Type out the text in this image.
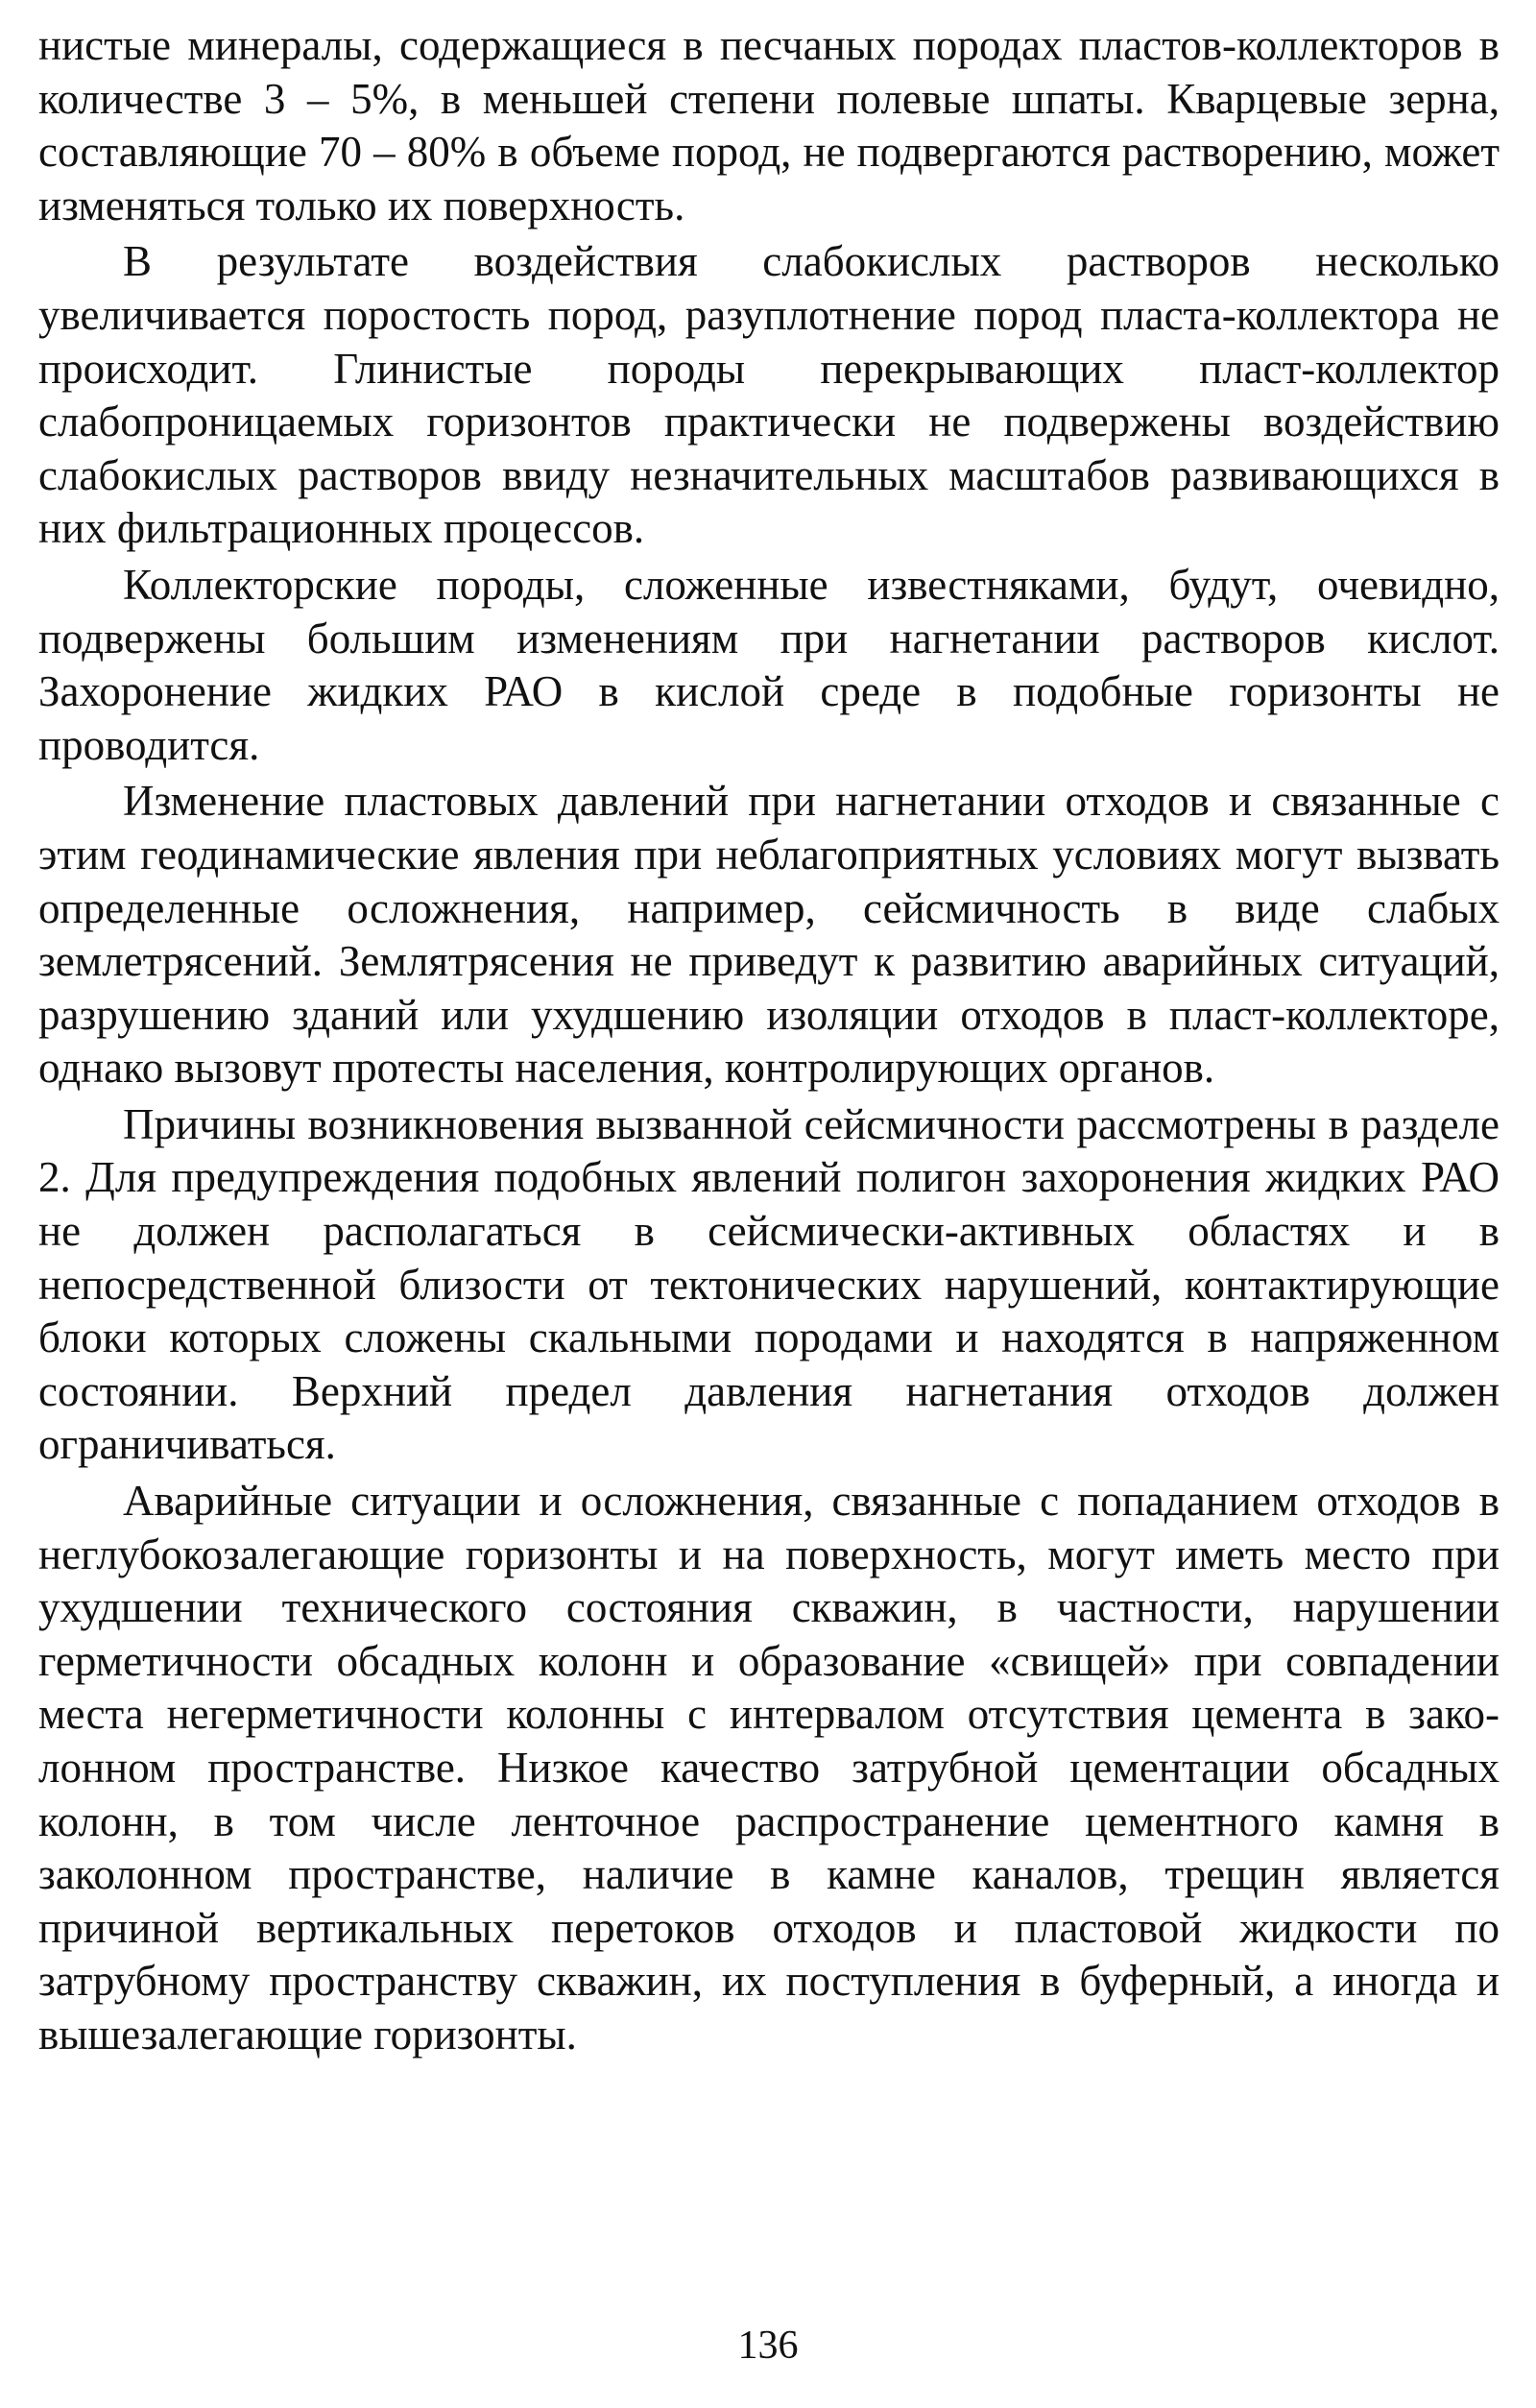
нистые минералы, содержащиеся в песчаных породах пластов-коллекторов в количестве 3 – 5%, в меньшей степени полевые шпаты. Кварцевые зерна, составляющие 70 – 80% в объеме пород, не подвергаются растворению, может изменяться только их поверхность.

В результате воздействия слабокислых растворов несколько увеличивается поростость пород, разуплотнение пород пласта-коллектора не происходит. Глинистые породы перекрывающих пласт-коллектор слабопроницаемых горизонтов практически не подвержены воздействию слабокислых растворов ввиду незначительных масштабов развивающихся в них фильтрационных процессов.

Коллекторские породы, сложенные известняками, будут, очевидно, подвержены большим изменениям при нагнетании растворов кислот. Захоронение жидких РАО в кислой среде в подобные горизонты не проводится.

Изменение пластовых давлений при нагнетании отходов и связанные с этим геодинамические явления при неблагоприятных условиях могут вызвать определенные осложнения, например, сейсмичность в виде слабых землетрясений. Землятрясения не приведут к развитию аварийных ситуаций, разрушению зданий или ухудшению изоляции отходов в пласт-коллекторе, однако вызовут протесты населения, контролирующих органов.

Причины возникновения вызванной сейсмичности рассмотрены в разделе 2. Для предупреждения подобных явлений полигон захоронения жидких РАО не должен располагаться в сейсмически-активных областях и в непосредственной близости от тектонических нарушений, контактирующие блоки которых сложены скальными породами и находятся в напряженном состоянии. Верхний предел давления нагнетания отходов должен ограничиваться.

Аварийные ситуации и осложнения, связанные с попаданием отходов в неглубокозалегающие горизонты и на поверхность, могут иметь место при ухудшении технического состояния скважин, в частности, нарушении герметичности обсадных колонн и образование «свищей» при совпадении места негерметичности колонны с интервалом отсутствия цемента в заколонном пространстве. Низкое качество затрубной цементации обсадных колонн, в том числе ленточное распространение цементного камня в заколонном пространстве, наличие в камне каналов, трещин является причиной вертикальных перетоков отходов и пластовой жидкости по затрубному пространству скважин, их поступления в буферный, а иногда и вышезалегающие горизонты.

136
